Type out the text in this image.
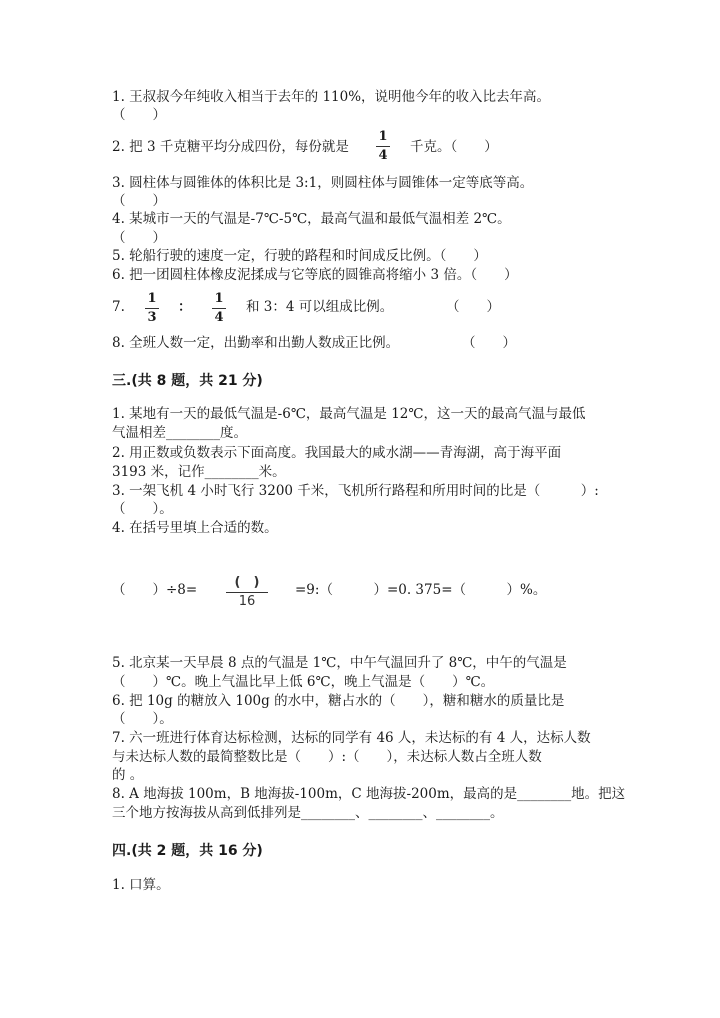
1. 王叔叔今年纯收入相当于去年的 110%，说明他今年的收入比去年高。
（　　）
2. 把 3 千克糖平均分成四份，每份就是
1
4
千克。（　　）
3. 圆柱体与圆锥体的体积比是 3:1，则圆柱体与圆锥体一定等底等高。
（　　）
4. 某城市一天的气温是-7℃-5℃，最高气温和最低气温相差 2℃。
（　　）
5. 轮船行驶的速度一定，行驶的路程和时间成反比例。（　　）
6. 把一团圆柱体橡皮泥揉成与它等底的圆锥高将缩小 3 倍。（　　）
7.
1
3
：
1
4
和 3：4 可以组成比例。	（　　）
8. 全班人数一定，出勤率和出勤人数成正比例。	（　　）
三.(共 8 题，共 21 分)
1. 某地有一天的最低气温是-6℃，最高气温是 12℃，这一天的最高气温与最低
气温相差________度。
2. 用正数或负数表示下面高度。我国最大的咸水湖——青海湖，高于海平面
3193 米，记作________米。
3. 一架飞机 4 小时飞行 3200 千米，飞机所行路程和所用时间的比是（　　　）:
（　　）。
4. 在括号里填上合适的数。
（　　）÷8=	(　)
16
=9:（　　　）=0. 375=（　　　）%。
5. 北京某一天早晨 8 点的气温是 1℃，中午气温回升了 8℃，中午的气温是
（　　）℃。晚上气温比早上低 6℃，晚上气温是（　　）℃。
6. 把 10g 的糖放入 100g 的水中，糖占水的（　　），糖和糖水的质量比是
（　　）。
7. 六一班进行体育达标检测，达标的同学有 46 人，未达标的有 4 人，达标人数
与未达标人数的最简整数比是（　　）:（　　），未达标人数占全班人数
的 。
8. A 地海拔 100m，B 地海拔-100m，C 地海拔-200m，最高的是________地。把这
三个地方按海拔从高到低排列是________、________、________。
四.(共 2 题，共 16 分)
1. 口算。
